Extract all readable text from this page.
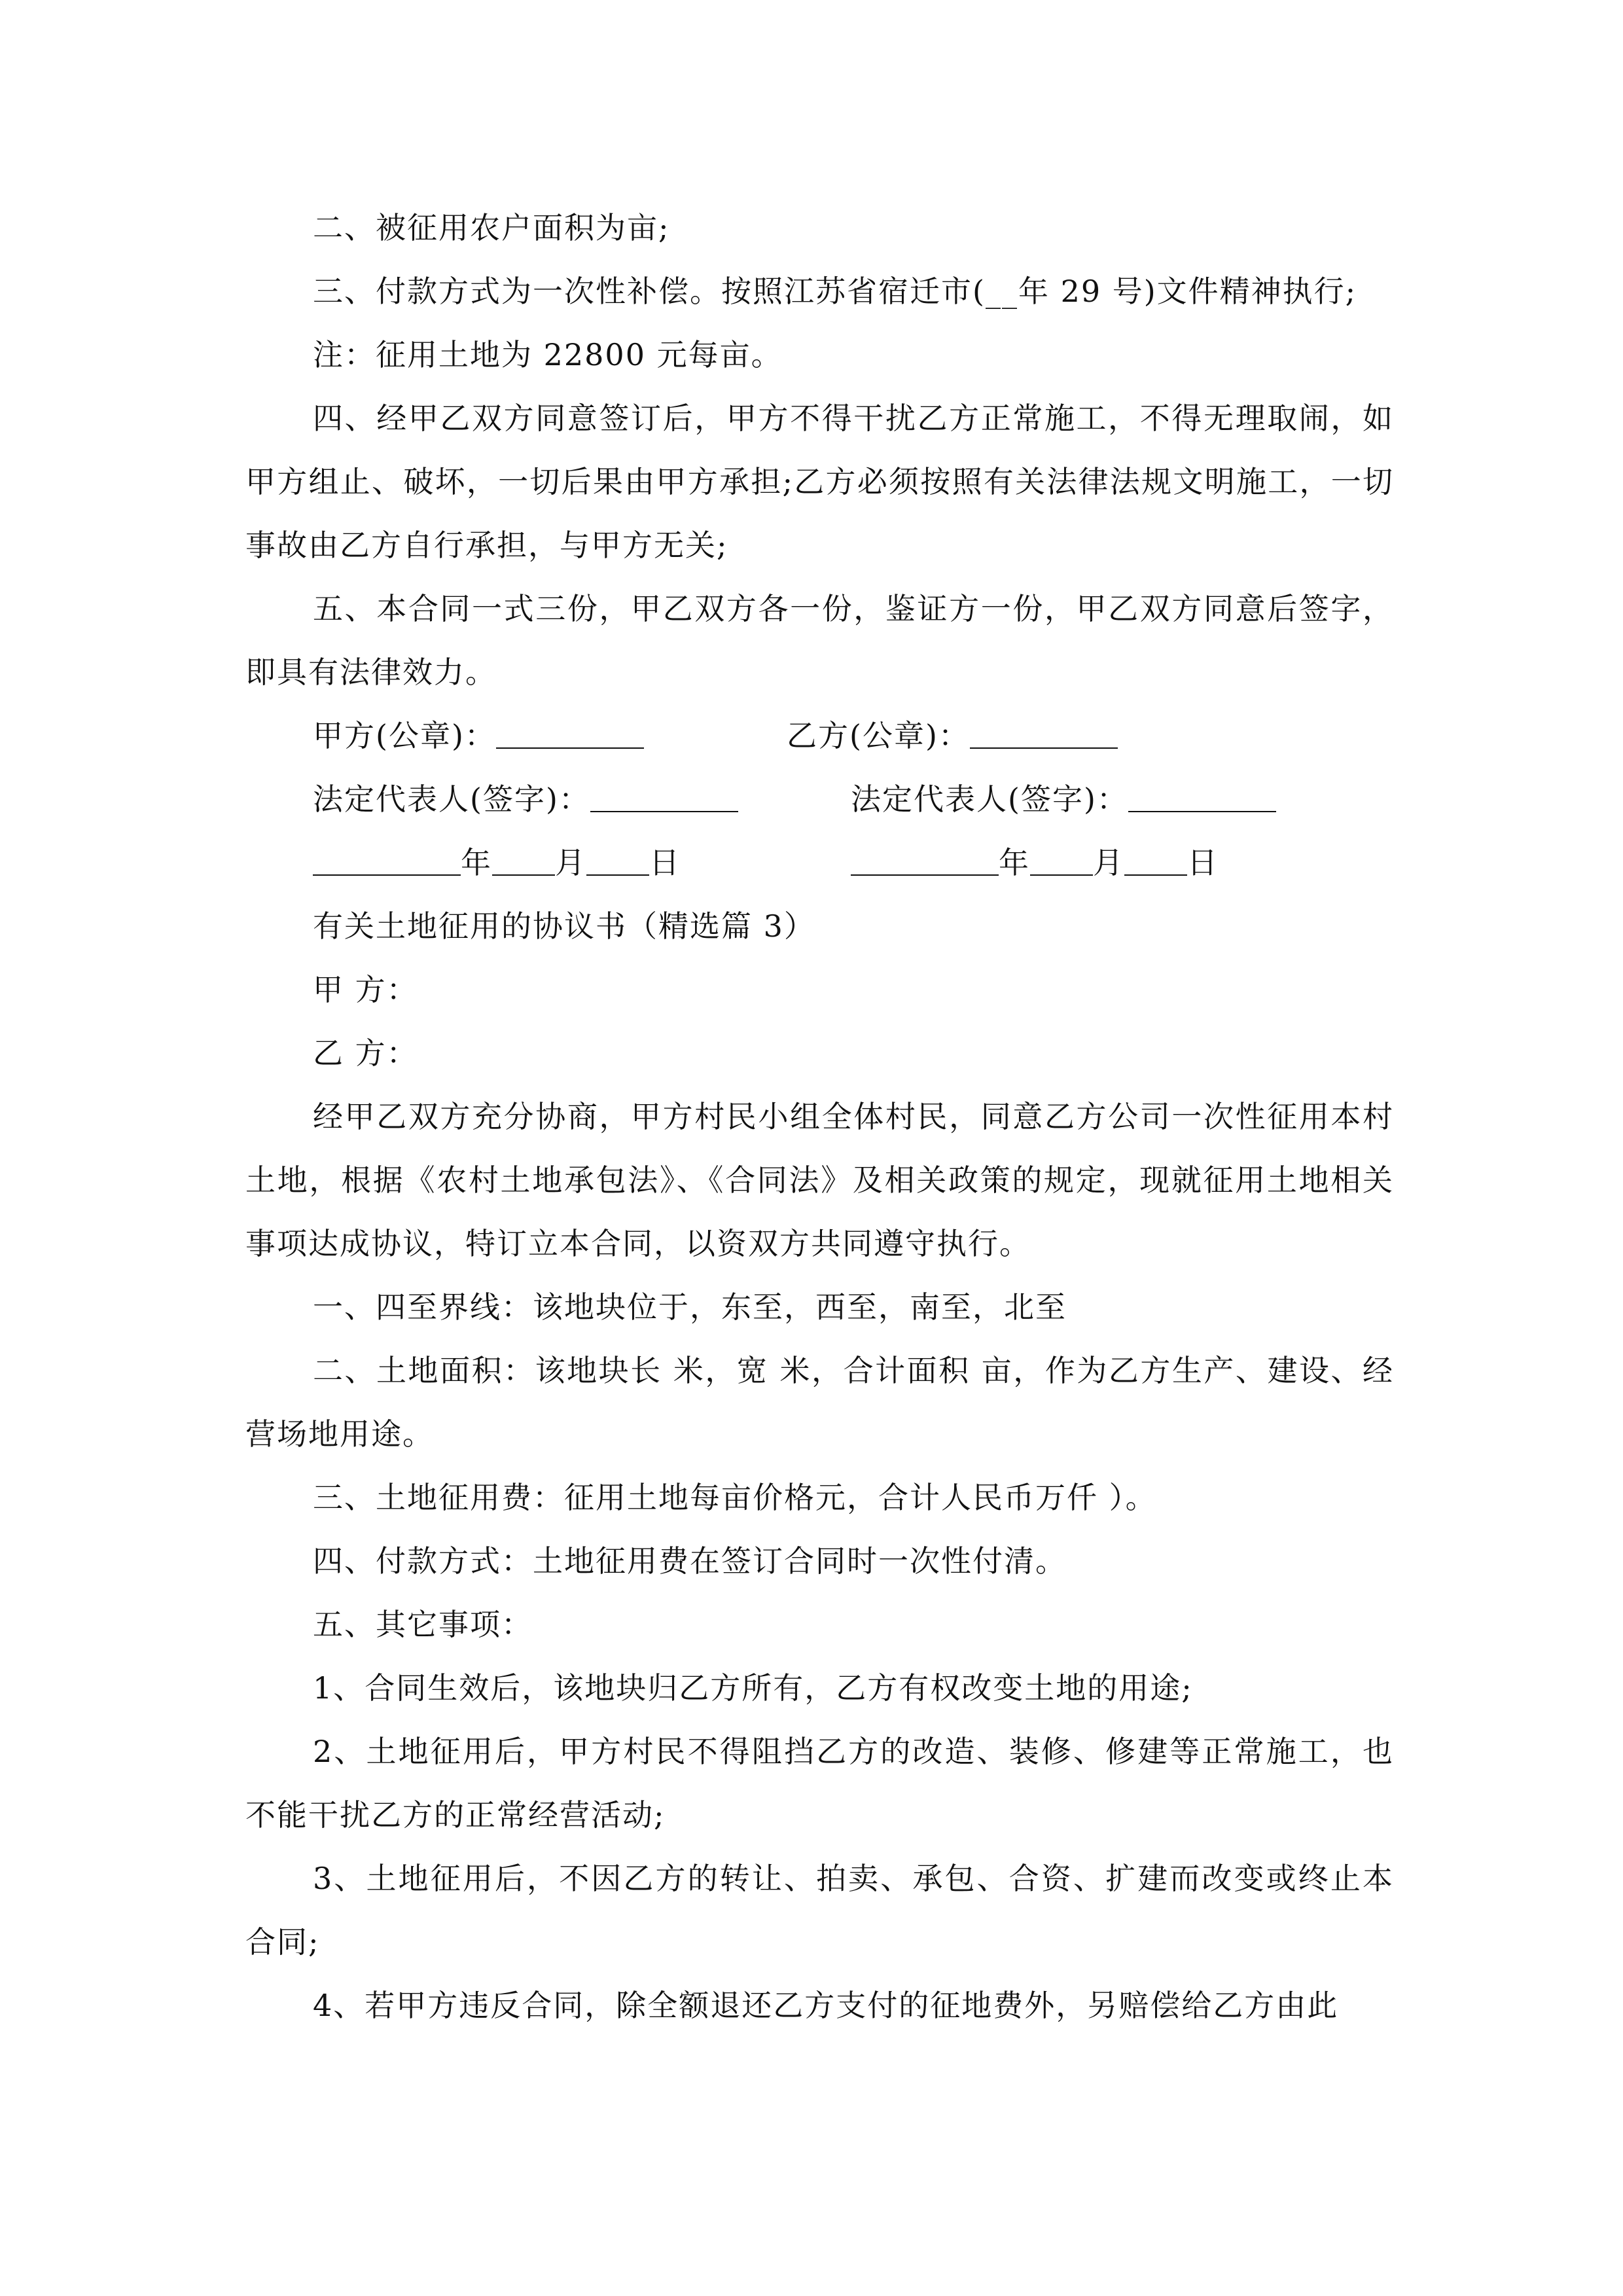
二、被征用农户面积为亩;
三、付款方式为一次性补偿。按照江苏省宿迁市(__年 29 号)文件精神执行;
注：征用土地为 22800 元每亩。
四、经甲乙双方同意签订后，甲方不得干扰乙方正常施工，不得无理取闹，如甲方组止、破坏，一切后果由甲方承担;乙方必须按照有关法律法规文明施工，一切事故由乙方自行承担，与甲方无关;
五、本合同一式三份，甲乙双方各一份，鉴证方一份，甲乙双方同意后签字，即具有法律效力。
甲方(公章)：	乙方(公章)：
法定代表人(签字)：	法定代表人(签字)：
年 月 日	年 月 日
有关土地征用的协议书（精选篇 3）
甲 方：
乙 方：
经甲乙双方充分协商，甲方村民小组全体村民，同意乙方公司一次性征用本村土地，根据《农村土地承包法》、《合同法》及相关政策的规定，现就征用土地相关事项达成协议，特订立本合同，以资双方共同遵守执行。
一、四至界线：该地块位于，东至，西至，南至，北至
二、土地面积：该地块长 米，宽 米，合计面积 亩，作为乙方生产、建设、经营场地用途。
三、土地征用费：征用土地每亩价格元，合计人民币万仟 ）。
四、付款方式：土地征用费在签订合同时一次性付清。
五、其它事项：
1、合同生效后，该地块归乙方所有，乙方有权改变土地的用途;
2、土地征用后，甲方村民不得阻挡乙方的改造、装修、修建等正常施工，也不能干扰乙方的正常经营活动;
3、土地征用后，不因乙方的转让、拍卖、承包、合资、扩建而改变或终止本合同;
4、若甲方违反合同，除全额退还乙方支付的征地费外，另赔偿给乙方由此
